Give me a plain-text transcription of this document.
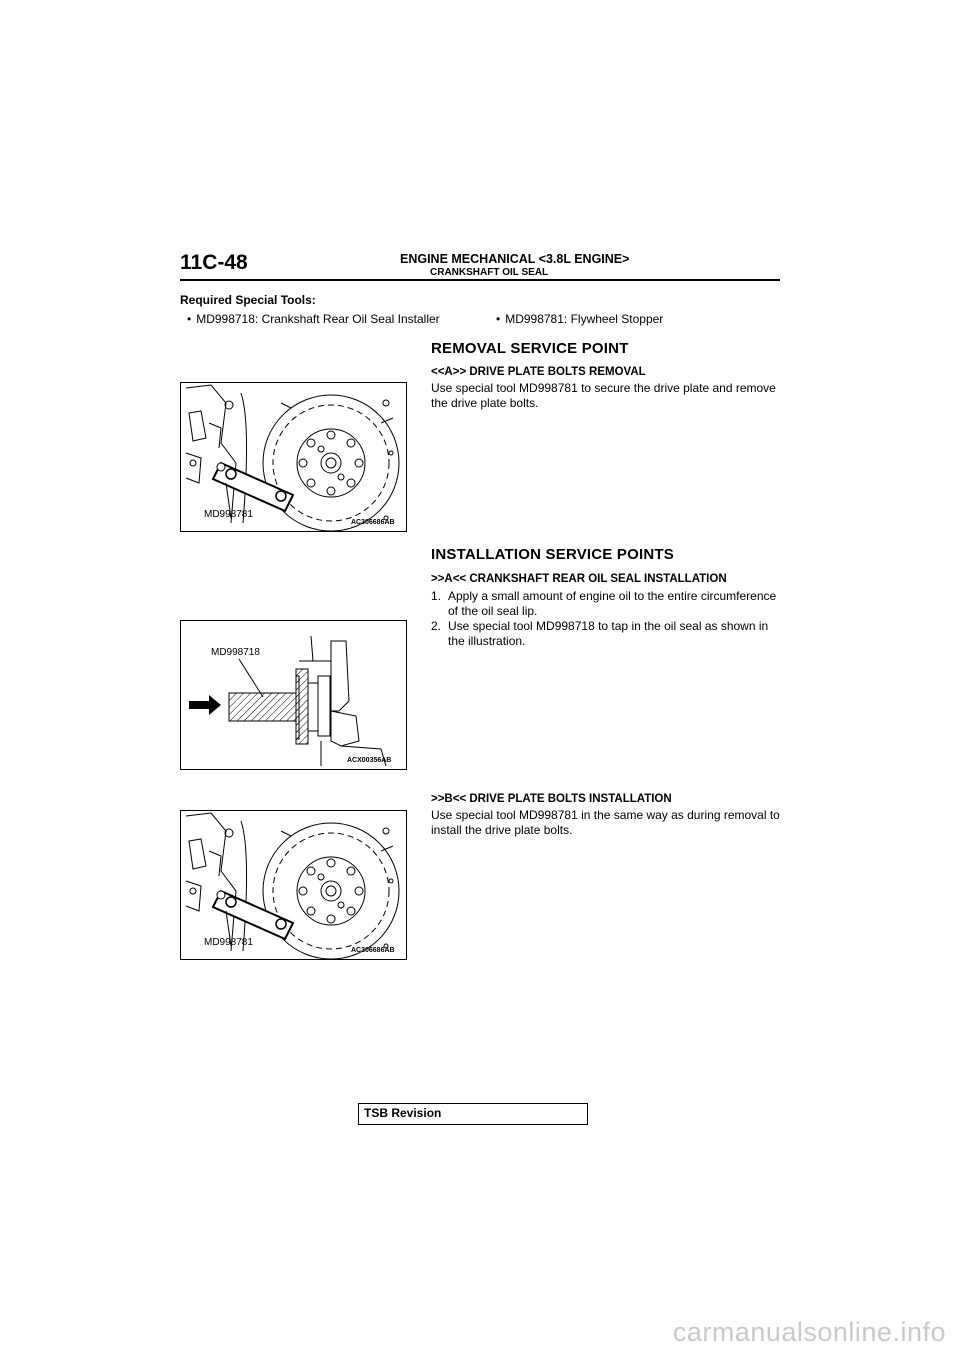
11C-48	ENGINE MECHANICAL <3.8L ENGINE>
CRANKSHAFT OIL SEAL
Required Special Tools:
• MD998718: Crankshaft Rear Oil Seal Installer	• MD998781: Flywheel Stopper
REMOVAL SERVICE POINT
<<A>> DRIVE PLATE BOLTS REMOVAL
Use special tool MD998781 to secure the drive plate and remove the drive plate bolts.
MD998781
AC306686AB
INSTALLATION SERVICE POINTS
>>A<< CRANKSHAFT REAR OIL SEAL INSTALLATION
1. Apply a small amount of engine oil to the entire circumference of the oil seal lip.
2. Use special tool MD998718 to tap in the oil seal as shown in the illustration.
MD998718
ACX00356AB
>>B<< DRIVE PLATE BOLTS INSTALLATION
Use special tool MD998781 in the same way as during removal to install the drive plate bolts.
MD998781
AC306686AB
TSB Revision
carmanualsonline.info
